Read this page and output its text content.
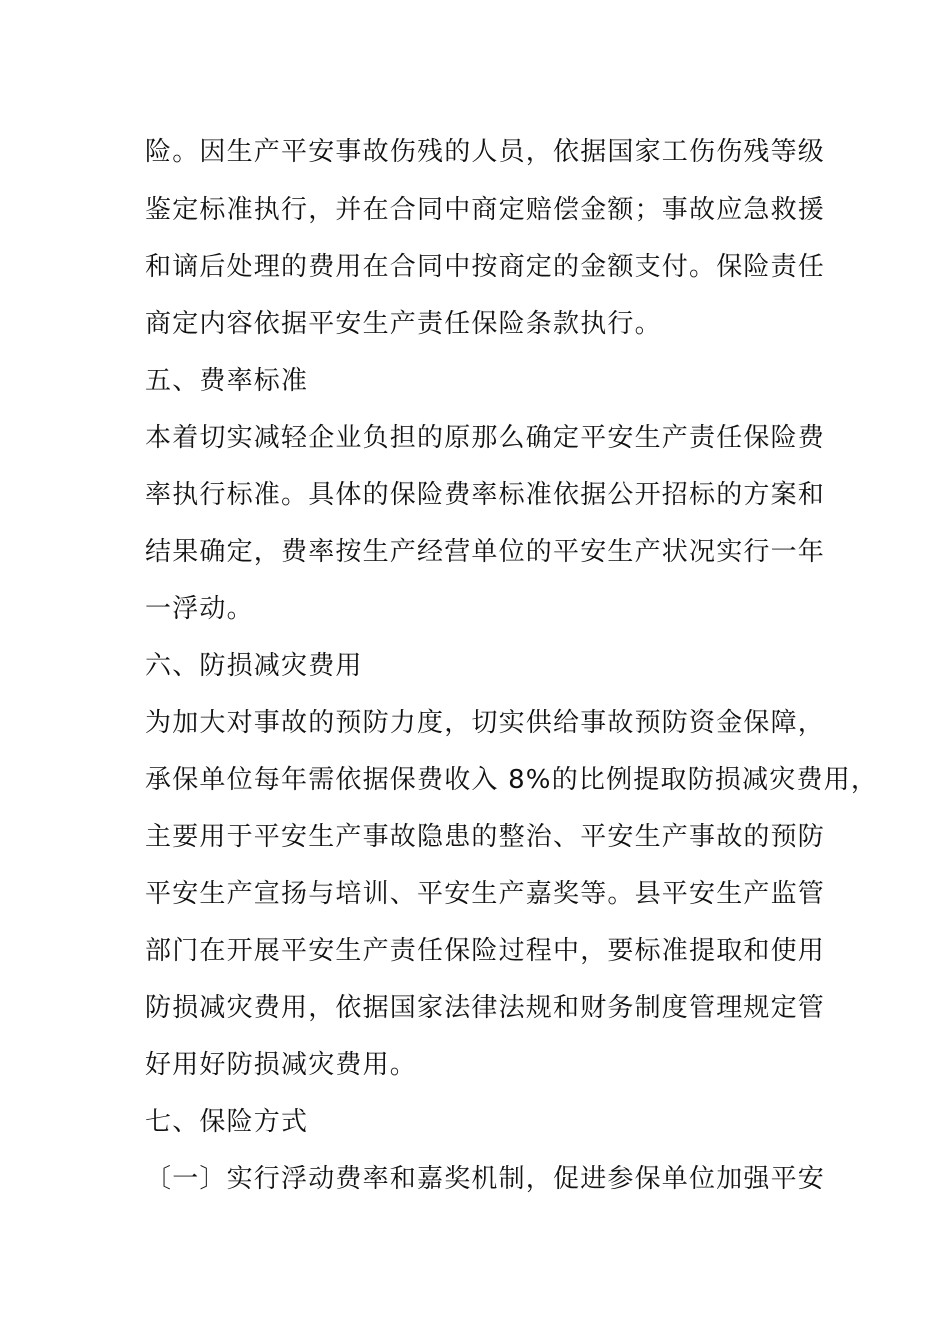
险。因生产平安事故伤残的人员，依据国家工伤伤残等级
鉴定标准执行，并在合同中商定赔偿金额；事故应急救援
和谪后处理的费用在合同中按商定的金额支付。保险责任
商定内容依据平安生产责任保险条款执行。
五、费率标准
本着切实减轻企业负担的原那么确定平安生产责任保险费
率执行标准。具体的保险费率标准依据公开招标的方案和
结果确定，费率按生产经营单位的平安生产状况实行一年
一浮动。
六、防损减灾费用
为加大对事故的预防力度，切实供给事故预防资金保障，
承保单位每年需依据保费收入 8%的比例提取防损减灾费用，
主要用于平安生产事故隐患的整治、平安生产事故的预防
平安生产宣扬与培训、平安生产嘉奖等。县平安生产监管
部门在开展平安生产责任保险过程中，要标准提取和使用
防损减灾费用，依据国家法律法规和财务制度管理规定管
好用好防损减灾费用。
七、保险方式
〔一〕实行浮动费率和嘉奖机制，促进参保单位加强平安
